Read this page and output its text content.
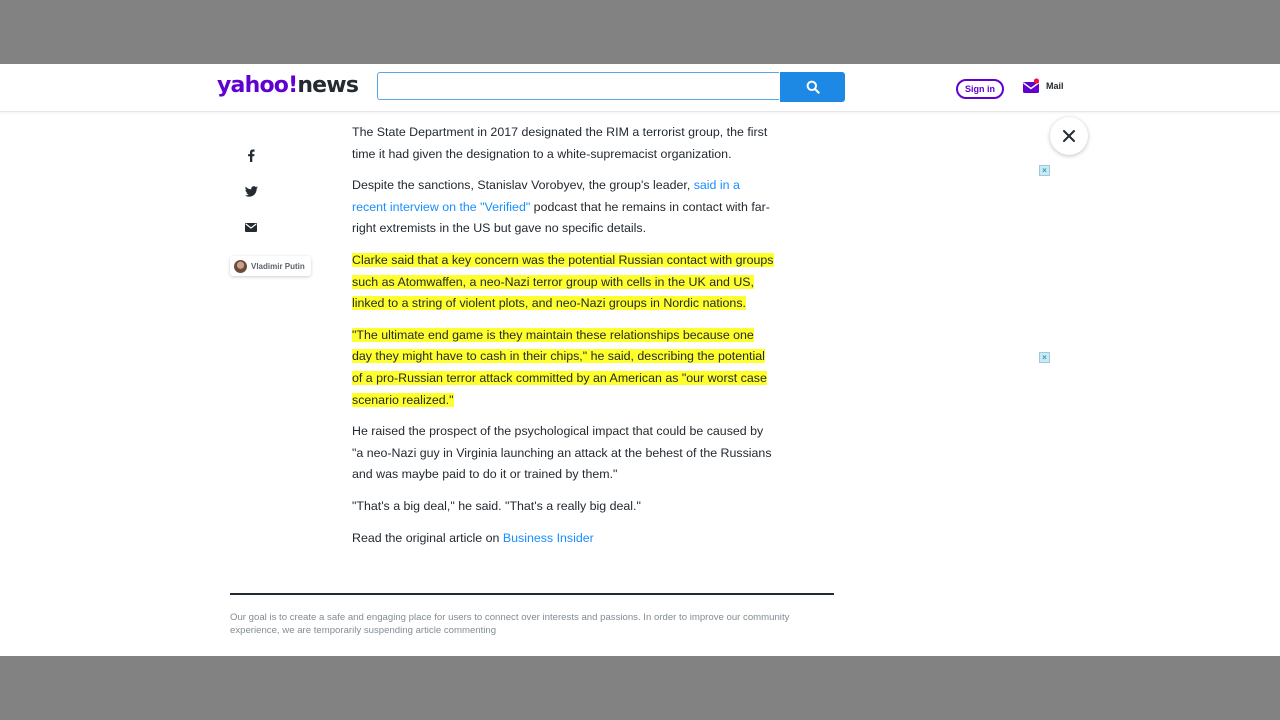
yahoo ! news	Sign in	Mail
Vladimir Putin

The State Department in 2017 designated the RIM a terrorist group, the first time it had given the designation to a white-supremacist organization.

Despite the sanctions, Stanislav Vorobyev, the group's leader, said in a recent interview on the "Verified" podcast that he remains in contact with far-right extremists in the US but gave no specific details.

Clarke said that a key concern was the potential Russian contact with groups such as Atomwaffen, a neo-Nazi terror group with cells in the UK and US, linked to a string of violent plots, and neo-Nazi groups in Nordic nations.

"The ultimate end game is they maintain these relationships because one day they might have to cash in their chips," he said, describing the potential of a pro-Russian terror attack committed by an American as "our worst case scenario realized."

He raised the prospect of the psychological impact that could be caused by "a neo-Nazi guy in Virginia launching an attack at the behest of the Russians and was maybe paid to do it or trained by them."

"That's a big deal," he said. "That's a really big deal."

Read the original article on Business Insider

×
×
Our goal is to create a safe and engaging place for users to connect over interests and passions. In order to improve our community experience, we are temporarily suspending article commenting
